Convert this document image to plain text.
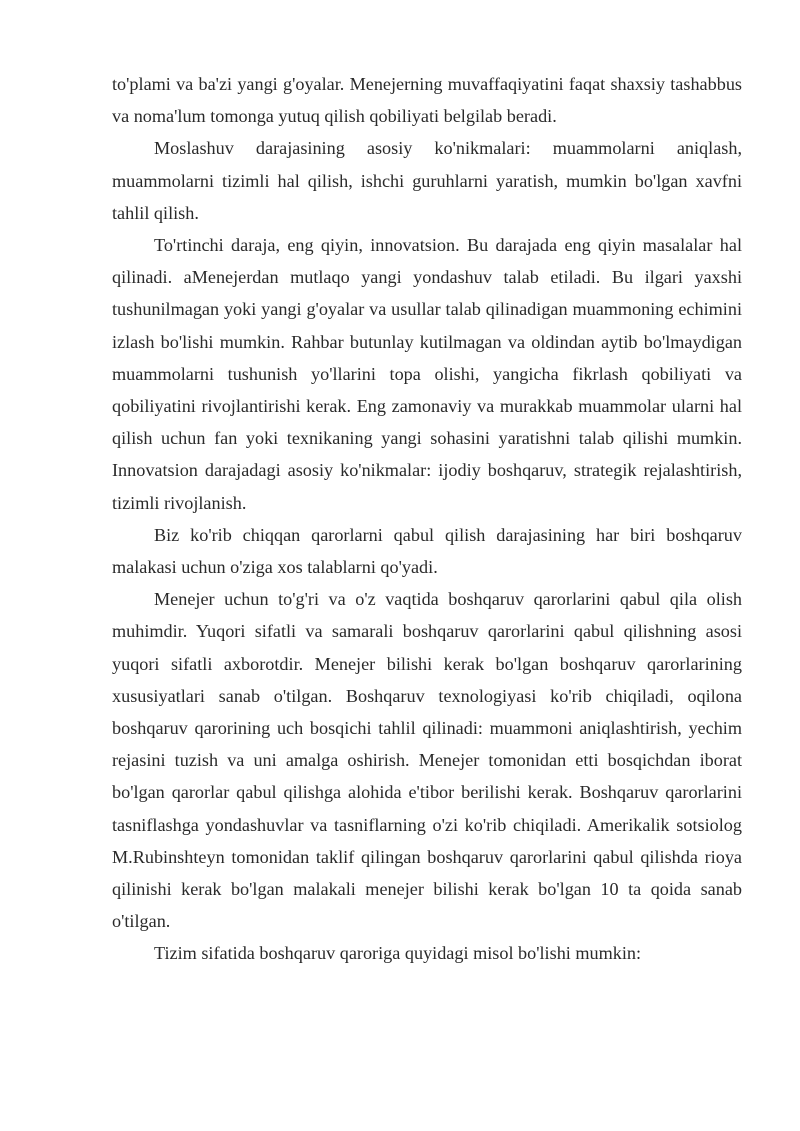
to'plami va ba'zi yangi g'oyalar. Menejerning muvaffaqiyatini faqat shaxsiy tashabbus va noma'lum tomonga yutuq qilish qobiliyati belgilab beradi.

Moslashuv darajasining asosiy ko'nikmalari: muammolarni aniqlash, muammolarni tizimli hal qilish, ishchi guruhlarni yaratish, mumkin bo'lgan xavfni tahlil qilish.

To'rtinchi daraja, eng qiyin, innovatsion. Bu darajada eng qiyin masalalar hal qilinadi. aMenejerdan mutlaqo yangi yondashuv talab etiladi. Bu ilgari yaxshi tushunilmagan yoki yangi g'oyalar va usullar talab qilinadigan muammoning echimini izlash bo'lishi mumkin. Rahbar butunlay kutilmagan va oldindan aytib bo'lmaydigan muammolarni tushunish yo'llarini topa olishi, yangicha fikrlash qobiliyati va qobiliyatini rivojlantirishi kerak. Eng zamonaviy va murakkab muammolar ularni hal qilish uchun fan yoki texnikaning yangi sohasini yaratishni talab qilishi mumkin. Innovatsion darajadagi asosiy ko'nikmalar: ijodiy boshqaruv, strategik rejalashtirish, tizimli rivojlanish.

Biz ko'rib chiqqan qarorlarni qabul qilish darajasining har biri boshqaruv malakasi uchun o'ziga xos talablarni qo'yadi.

Menejer uchun to'g'ri va o'z vaqtida boshqaruv qarorlarini qabul qila olish muhimdir. Yuqori sifatli va samarali boshqaruv qarorlarini qabul qilishning asosi yuqori sifatli axborotdir. Menejer bilishi kerak bo'lgan boshqaruv qarorlarining xususiyatlari sanab o'tilgan. Boshqaruv texnologiyasi ko'rib chiqiladi, oqilona boshqaruv qarorining uch bosqichi tahlil qilinadi: muammoni aniqlashtirish, yechim rejasini tuzish va uni amalga oshirish. Menejer tomonidan etti bosqichdan iborat bo'lgan qarorlar qabul qilishga alohida e'tibor berilishi kerak. Boshqaruv qarorlarini tasniflashga yondashuvlar va tasniflarning o'zi ko'rib chiqiladi. Amerikalik sotsiolog M.Rubinshteyn tomonidan taklif qilingan boshqaruv qarorlarini qabul qilishda rioya qilinishi kerak bo'lgan malakali menejer bilishi kerak bo'lgan 10 ta qoida sanab o'tilgan.

Tizim sifatida boshqaruv qaroriga quyidagi misol bo'lishi mumkin:
